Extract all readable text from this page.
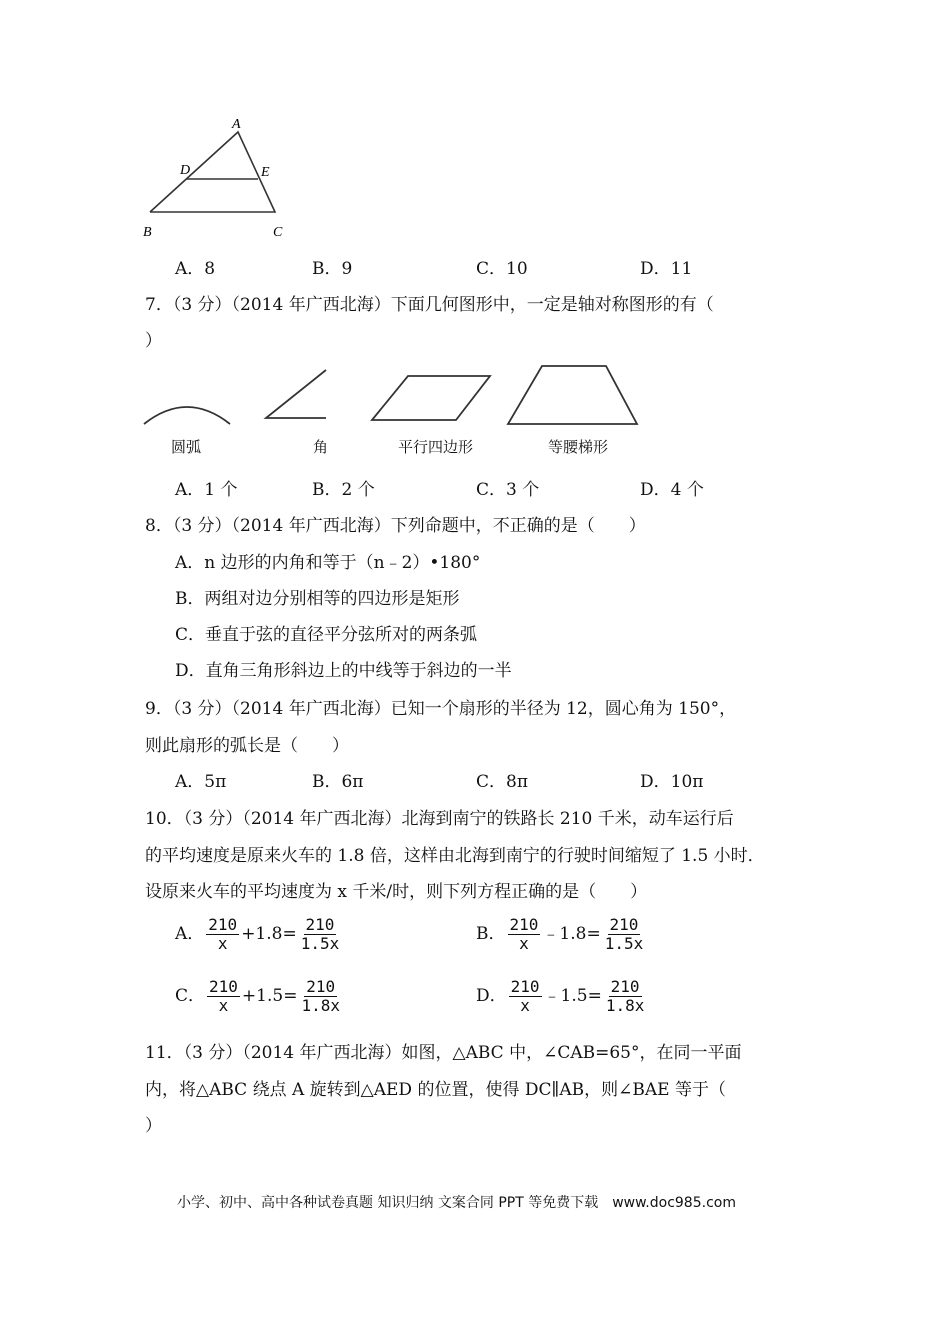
A
D	E
B	C
A．8	B．9	C．10	D．11
7．（3 分）（2014 年广西北海）下面几何图形中，一定是轴对称图形的有（
）
圆弧	角	平行四边形	等腰梯形
A．1 个	B．2 个	C．3 个	D．4 个
8．（3 分）（2014 年广西北海）下列命题中，不正确的是（　　）
A．n 边形的内角和等于（n﹣2）•180°
B．两组对边分别相等的四边形是矩形
C．垂直于弦的直径平分弦所对的两条弧
D．直角三角形斜边上的中线等于斜边的一半
9．（3 分）（2014 年广西北海）已知一个扇形的半径为 12，圆心角为 150°，
则此扇形的弧长是（　　）
A．5π	B．6π	C．8π	D．10π
10．（3 分）（2014 年广西北海）北海到南宁的铁路长 210 千米，动车运行后
的平均速度是原来火车的 1.8 倍，这样由北海到南宁的行驶时间缩短了 1.5 小时．
设原来火车的平均速度为 x 千米/时，则下列方程正确的是（　　）
A． $\frac{210}{x} +1.8= \frac{210}{1.5x}$	B． $\frac{210}{x}$ ﹣1.8= $\frac{210}{1.5x}$
C． $\frac{210}{x} +1.5= \frac{210}{1.8x}$	D． $\frac{210}{x}$ ﹣1.5= $\frac{210}{1.8x}$
11．（3 分）（2014 年广西北海）如图，△ABC 中，∠CAB=65°，在同一平面
内，将△ABC 绕点 A 旋转到△AED 的位置，使得 DC∥AB，则∠BAE 等于（
）
小学、初中、高中各种试卷真题 知识归纳 文案合同 PPT 等免费下载　www.doc985.com
